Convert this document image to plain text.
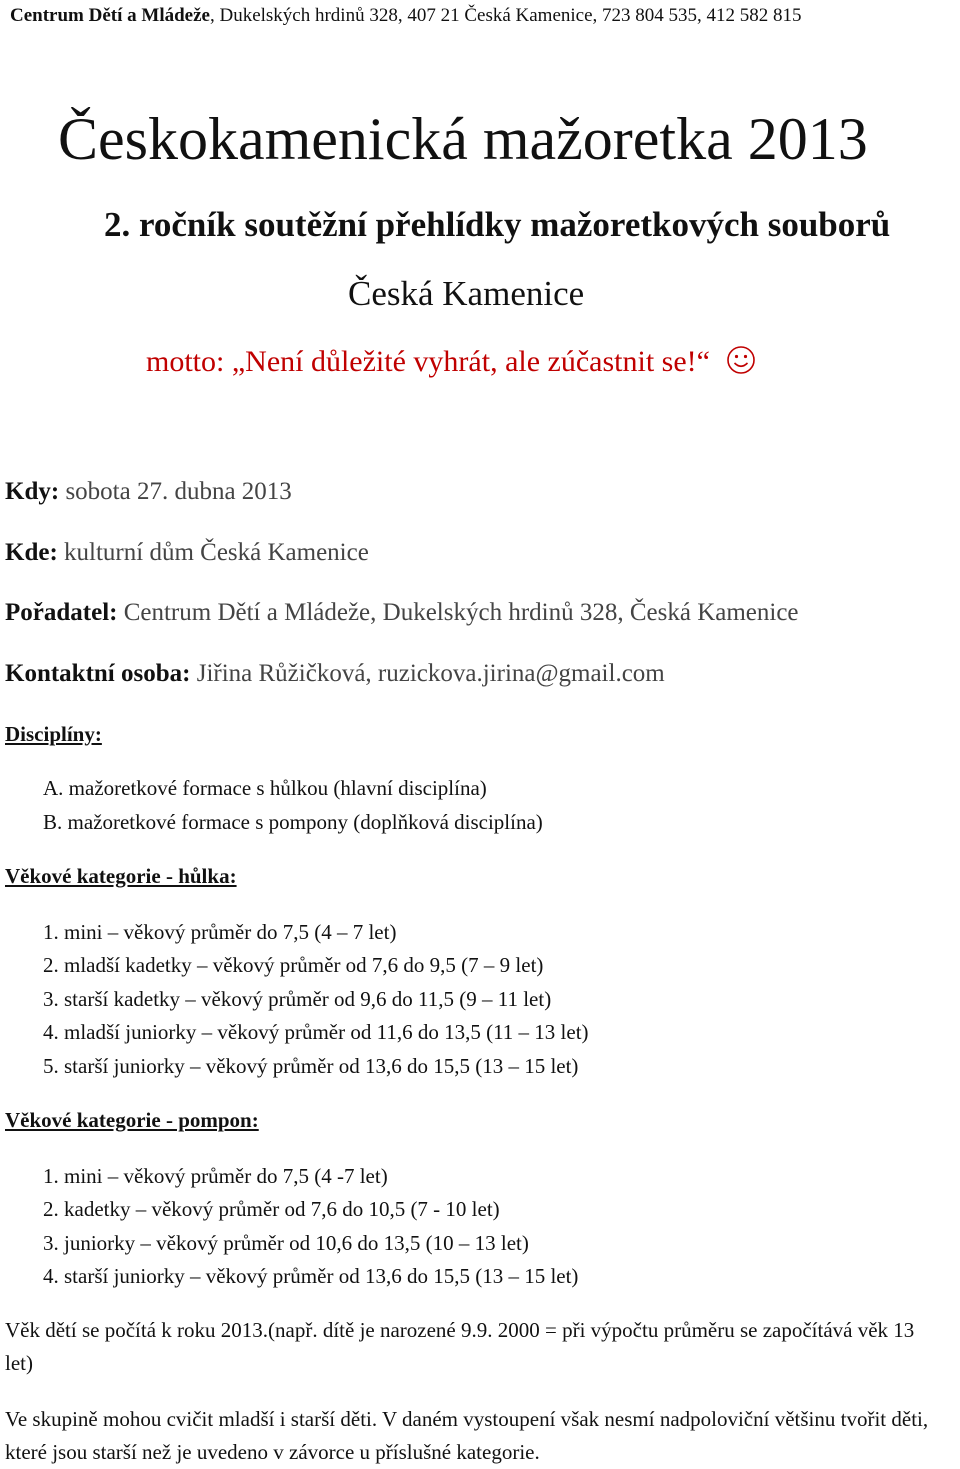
Centrum Dětí a Mládeže, Dukelských hrdinů 328, 407 21 Česká Kamenice, 723 804 535, 412 582 815
Českokamenická mažoretka 2013
2. ročník soutěžní přehlídky mažoretkových souborů
Česká Kamenice
motto: „Není důležité vyhrát, ale zúčastnit se!“
Kdy: sobota 27. dubna 2013
Kde: kulturní dům Česká Kamenice
Pořadatel: Centrum Dětí a Mládeže, Dukelských hrdinů 328, Česká Kamenice
Kontaktní osoba: Jiřina Růžičková, ruzickova.jirina@gmail.com
Disciplíny:
A. mažoretkové formace s hůlkou (hlavní disciplína)
B. mažoretkové formace s pompony (doplňková disciplína)
Věkové kategorie - hůlka:
1. mini – věkový průměr do 7,5 (4 – 7 let)
2. mladší kadetky – věkový průměr od 7,6 do 9,5 (7 – 9 let)
3. starší kadetky – věkový průměr od 9,6 do 11,5 (9 – 11 let)
4. mladší juniorky – věkový průměr od 11,6 do 13,5 (11 – 13 let)
5. starší juniorky – věkový průměr od 13,6 do 15,5 (13 – 15 let)
Věkové kategorie - pompon:
1. mini – věkový průměr do 7,5 (4 -7 let)
2. kadetky – věkový průměr od 7,6 do 10,5 (7 - 10 let)
3. juniorky – věkový průměr od 10,6 do 13,5 (10 – 13 let)
4. starší juniorky – věkový průměr od 13,6 do 15,5 (13 – 15 let)
Věk dětí se počítá k roku 2013.(např. dítě je narozené 9.9. 2000 = při výpočtu průměru se započítává věk 13 let)
Ve skupině mohou cvičit mladší i starší děti. V daném vystoupení však nesmí nadpoloviční většinu tvořit děti, které jsou starší než je uvedeno v závorce u příslušné kategorie.
